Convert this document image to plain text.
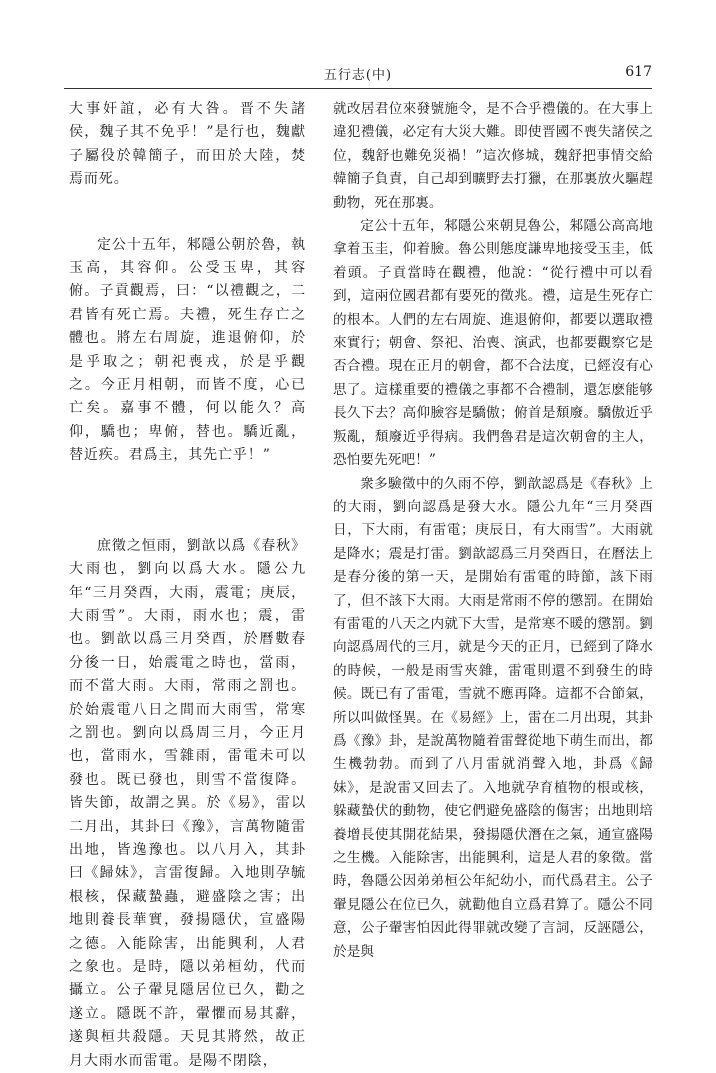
五行志(中)	617

大事奸誼，必有大咎。晋不失諸侯，魏子其不免乎！”是行也，魏獻子屬役於韓簡子，而田於大陸，焚焉而死。

定公十五年，邾隱公朝於魯，執玉高，其容仰。公受玉卑，其容俯。子貢觀焉，曰：“以禮觀之，二君皆有死亡焉。夫禮，死生存亡之體也。將左右周旋，進退俯仰，於是乎取之；朝祀喪戎，於是乎觀之。今正月相朝，而皆不度，心已亡矣。嘉事不體，何以能久？高仰，驕也；卑俯，替也。驕近亂，替近疾。君爲主，其先亡乎！”

庶徵之恒雨，劉歆以爲《春秋》大雨也，劉向以爲大水。隱公九年“三月癸酉，大雨，震電；庚辰，大雨雪”。大雨，雨水也；震，雷也。劉歆以爲三月癸酉，於曆數春分後一日，始震電之時也，當雨，而不當大雨。大雨，常雨之罰也。於始震電八日之間而大雨雪，常寒之罰也。劉向以爲周三月，今正月也，當雨水，雪雜雨，雷電未可以發也。既已發也，則雪不當復降。皆失節，故謂之異。於《易》，雷以二月出，其卦曰《豫》，言萬物隨雷出地，皆逸豫也。以八月入，其卦曰《歸妹》，言雷復歸。入地則孕毓根核，保藏蟄蟲，避盛陰之害；出地則養長華實，發揚隱伏，宣盛陽之德。入能除害，出能興利，人君之象也。是時，隱以弟桓幼，代而攝立。公子翬見隱居位已久，勸之遂立。隱既不許，翬懼而易其辭，遂與桓共殺隱。天見其將然，故正月大雨水而雷電。是陽不閉陰，

就改居君位來發號施令，是不合乎禮儀的。在大事上違犯禮儀，必定有大災大難。即使晋國不喪失諸侯之位，魏舒也難免災禍！”這次修城，魏舒把事情交給韓簡子負責，自己却到曠野去打獵，在那裏放火驅趕動物，死在那裏。

定公十五年，邾隱公來朝見魯公，邾隱公高高地拿着玉圭，仰着臉。魯公則態度謙卑地接受玉圭，低着頭。子貢當時在觀禮，他說：“從行禮中可以看到，這兩位國君都有要死的徵兆。禮，這是生死存亡的根本。人們的左右周旋、進退俯仰，都要以選取禮來實行；朝會、祭祀、治喪、演武，也都要觀察它是否合禮。現在正月的朝會，都不合法度，已經沒有心思了。這樣重要的禮儀之事都不合禮制，還怎麽能够長久下去？高仰臉容是驕傲；俯首是頹廢。驕傲近乎叛亂，頹廢近乎得病。我們魯君是這次朝會的主人，恐怕要先死吧！”

衆多驗徵中的久雨不停，劉歆認爲是《春秋》上的大雨，劉向認爲是發大水。隱公九年“三月癸酉日，下大雨，有雷電；庚辰日，有大雨雪”。大雨就是降水；震是打雷。劉歆認爲三月癸酉日，在曆法上是春分後的第一天，是開始有雷電的時節，該下雨了，但不該下大雨。大雨是常雨不停的懲罰。在開始有雷電的八天之内就下大雪，是常寒不暖的懲罰。劉向認爲周代的三月，就是今天的正月，已經到了降水的時候，一般是雨雪夾雜，雷電則還不到發生的時候。既已有了雷電，雪就不應再降。這都不合節氣，所以叫做怪異。在《易經》上，雷在二月出現，其卦爲《豫》卦，是說萬物隨着雷聲從地下萌生而出，都生機勃勃。而到了八月雷就消聲入地，卦爲《歸妹》，是說雷又回去了。入地就孕育植物的根或核，躲藏蟄伏的動物，使它們避免盛陰的傷害；出地則培養增長使其開花結果，發揚隱伏潛在之氣，通宣盛陽之生機。入能除害，出能興利，這是人君的象徵。當時，魯隱公因弟弟桓公年紀幼小，而代爲君主。公子翬見隱公在位已久，就勸他自立爲君算了。隱公不同意，公子翬害怕因此得罪就改變了言詞，反誣隱公，於是與
